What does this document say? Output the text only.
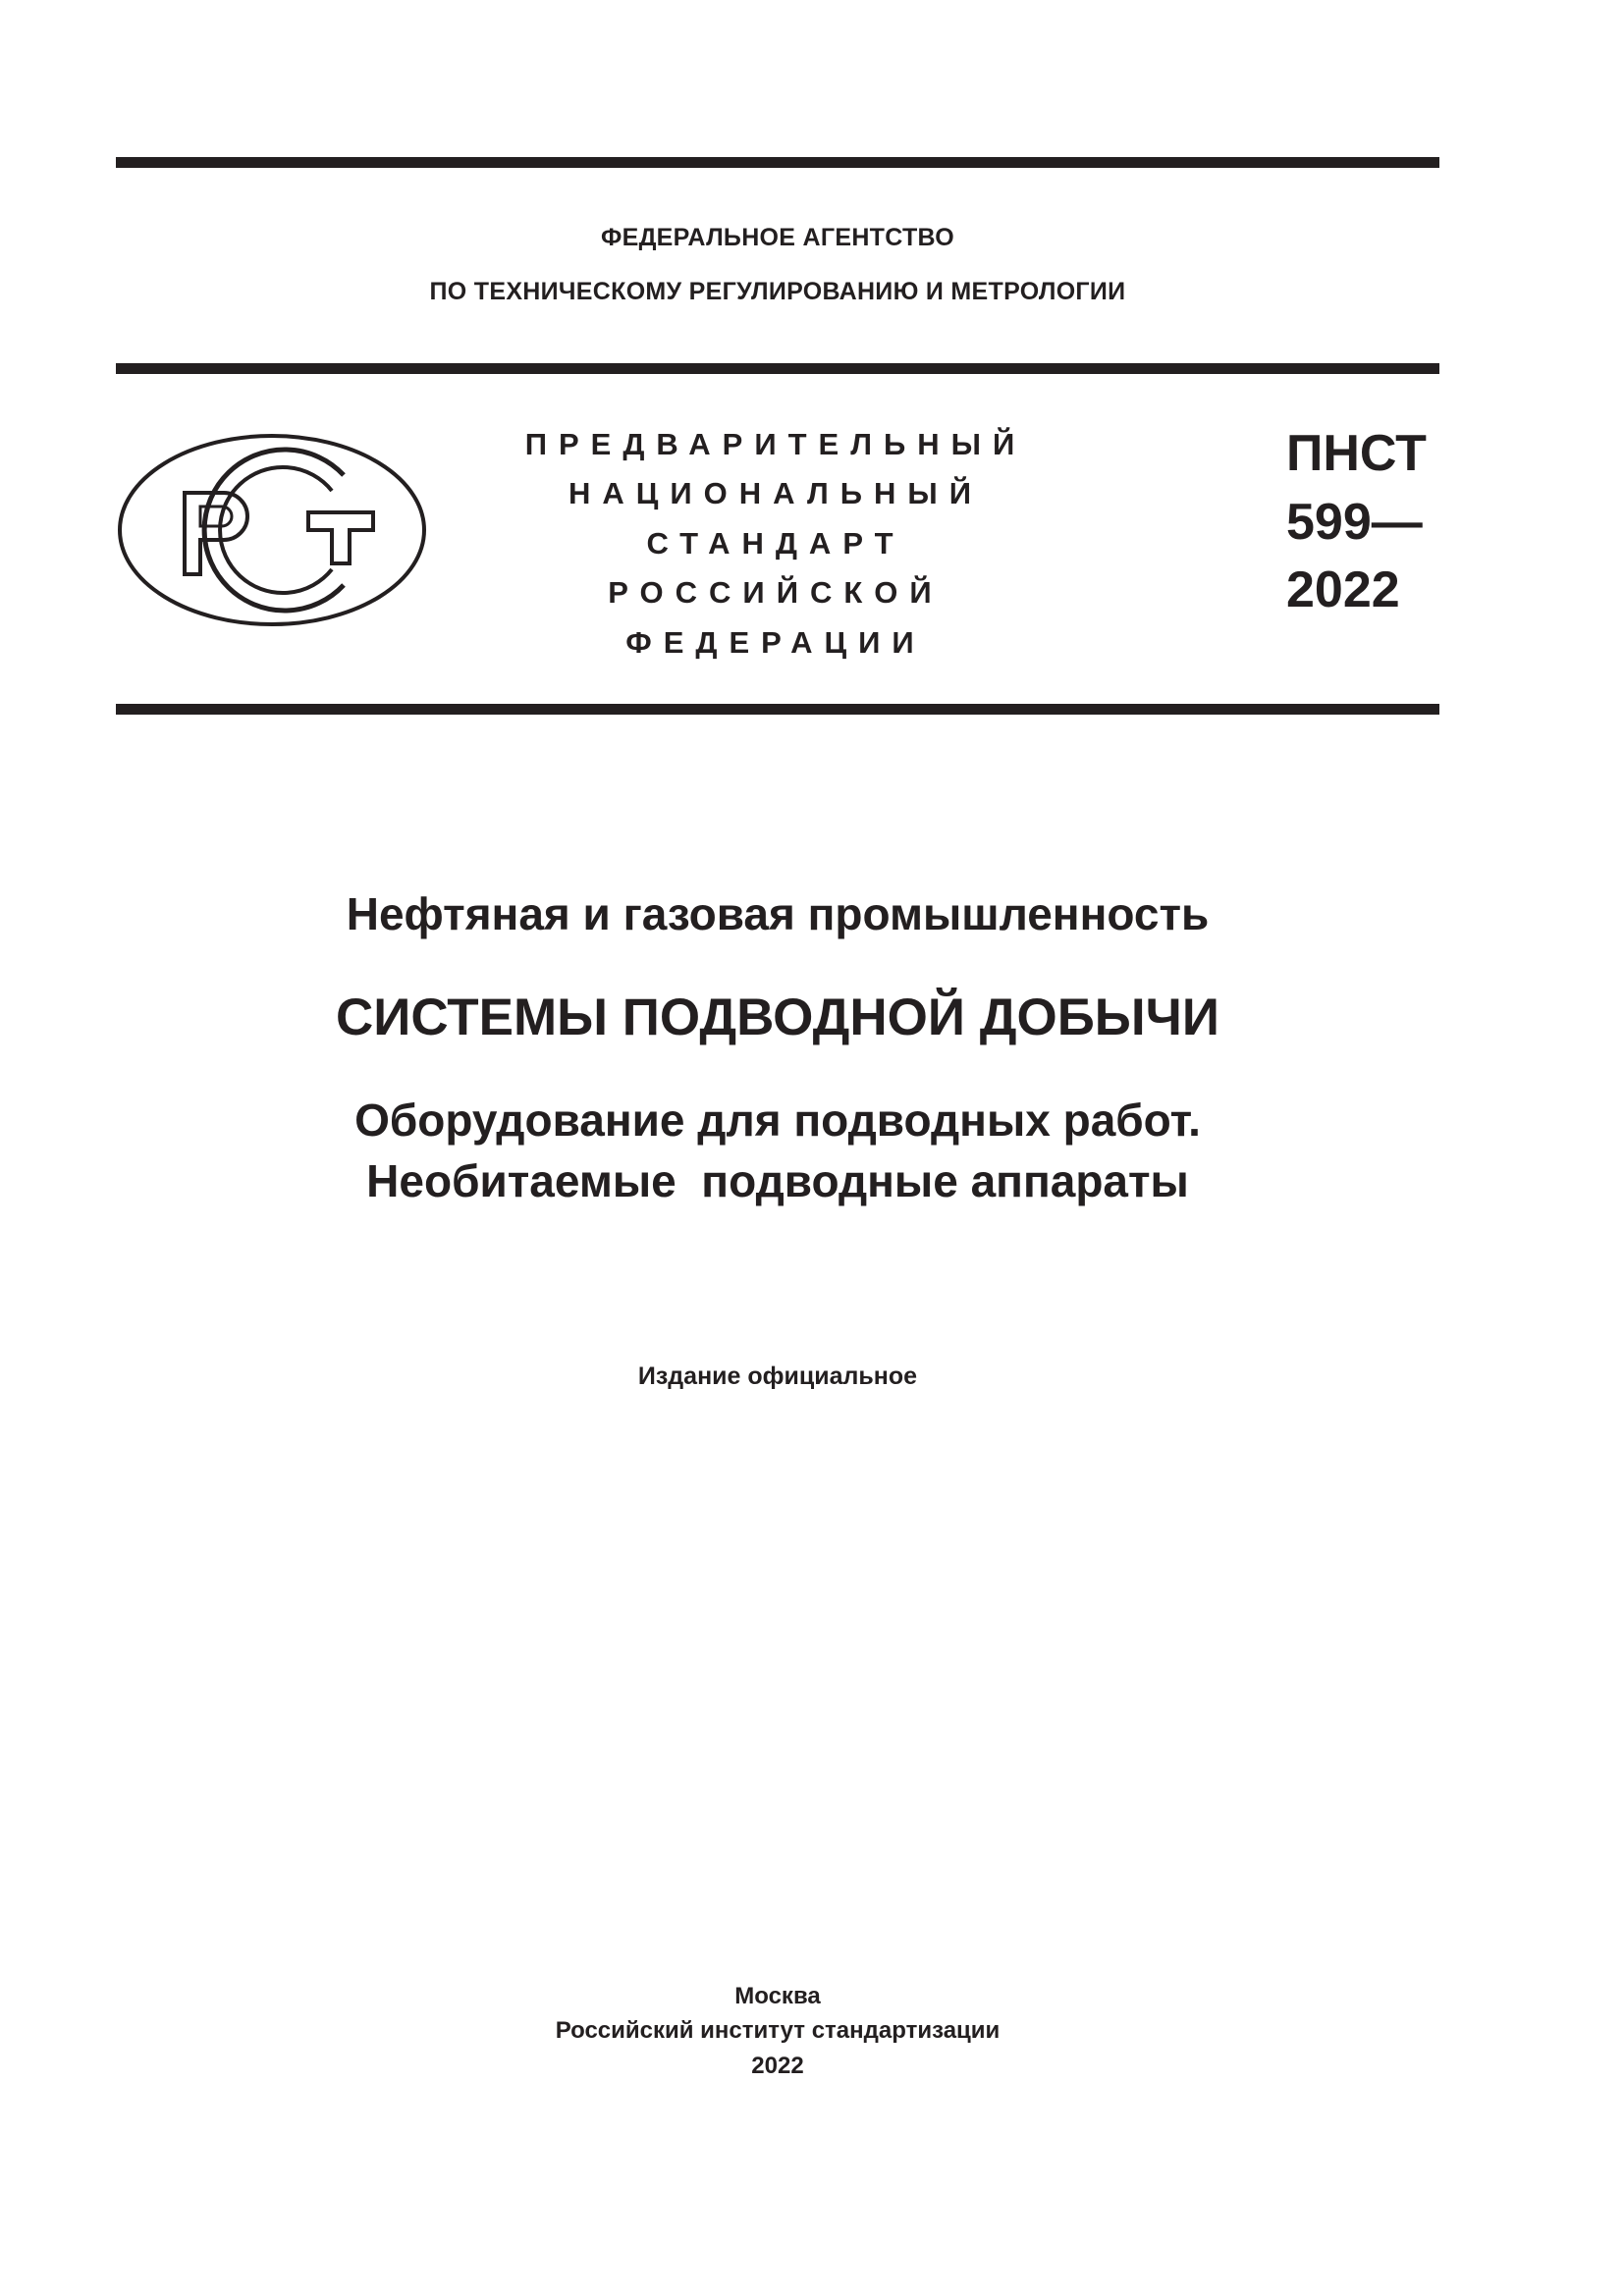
ФЕДЕРАЛЬНОЕ АГЕНТСТВО
ПО ТЕХНИЧЕСКОМУ РЕГУЛИРОВАНИЮ И МЕТРОЛОГИИ
ПРЕДВАРИТЕЛЬНЫЙ
НАЦИОНАЛЬНЫЙ
СТАНДАРТ
РОССИЙСКОЙ
ФЕДЕРАЦИИ
ПНСТ
599—
2022
Нефтяная и газовая промышленность
СИСТЕМЫ ПОДВОДНОЙ ДОБЫЧИ
Оборудование для подводных работ.
Необитаемые  подводные аппараты
Издание официальное
Москва
Российский институт стандартизации
2022
